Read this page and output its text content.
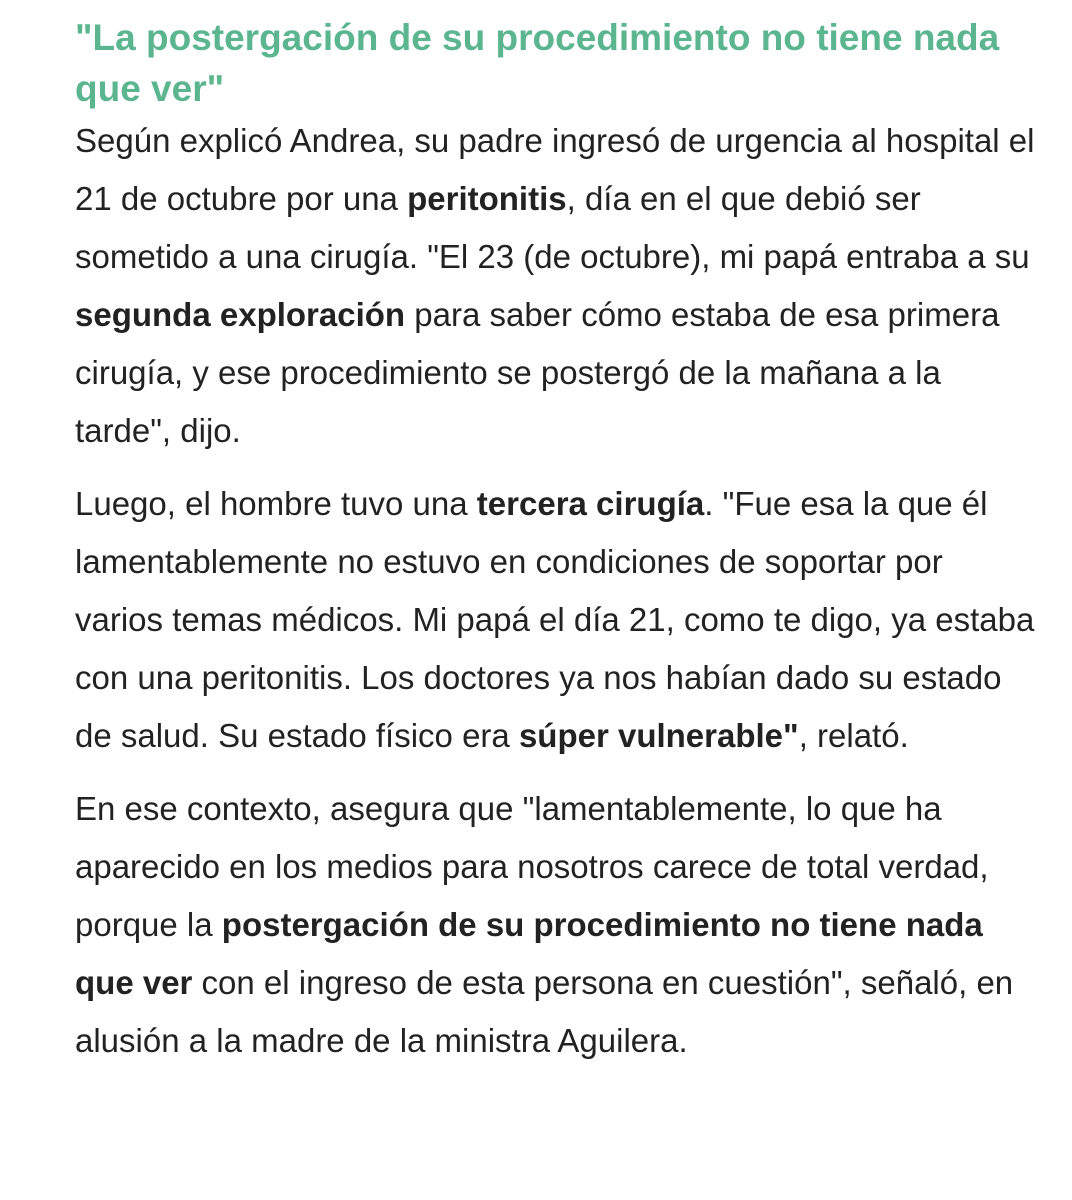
"La postergación de su procedimiento no tiene nada que ver"

Según explicó Andrea, su padre ingresó de urgencia al hospital el 21 de octubre por una peritonitis, día en el que debió ser sometido a una cirugía. "El 23 (de octubre), mi papá entraba a su segunda exploración para saber cómo estaba de esa primera cirugía, y ese procedimiento se postergó de la mañana a la tarde", dijo.

Luego, el hombre tuvo una tercera cirugía. "Fue esa la que él lamentablemente no estuvo en condiciones de soportar por varios temas médicos. Mi papá el día 21, como te digo, ya estaba con una peritonitis. Los doctores ya nos habían dado su estado de salud. Su estado físico era súper vulnerable", relató.

En ese contexto, asegura que "lamentablemente, lo que ha aparecido en los medios para nosotros carece de total verdad, porque la postergación de su procedimiento no tiene nada que ver con el ingreso de esta persona en cuestión", señaló, en alusión a la madre de la ministra Aguilera.
